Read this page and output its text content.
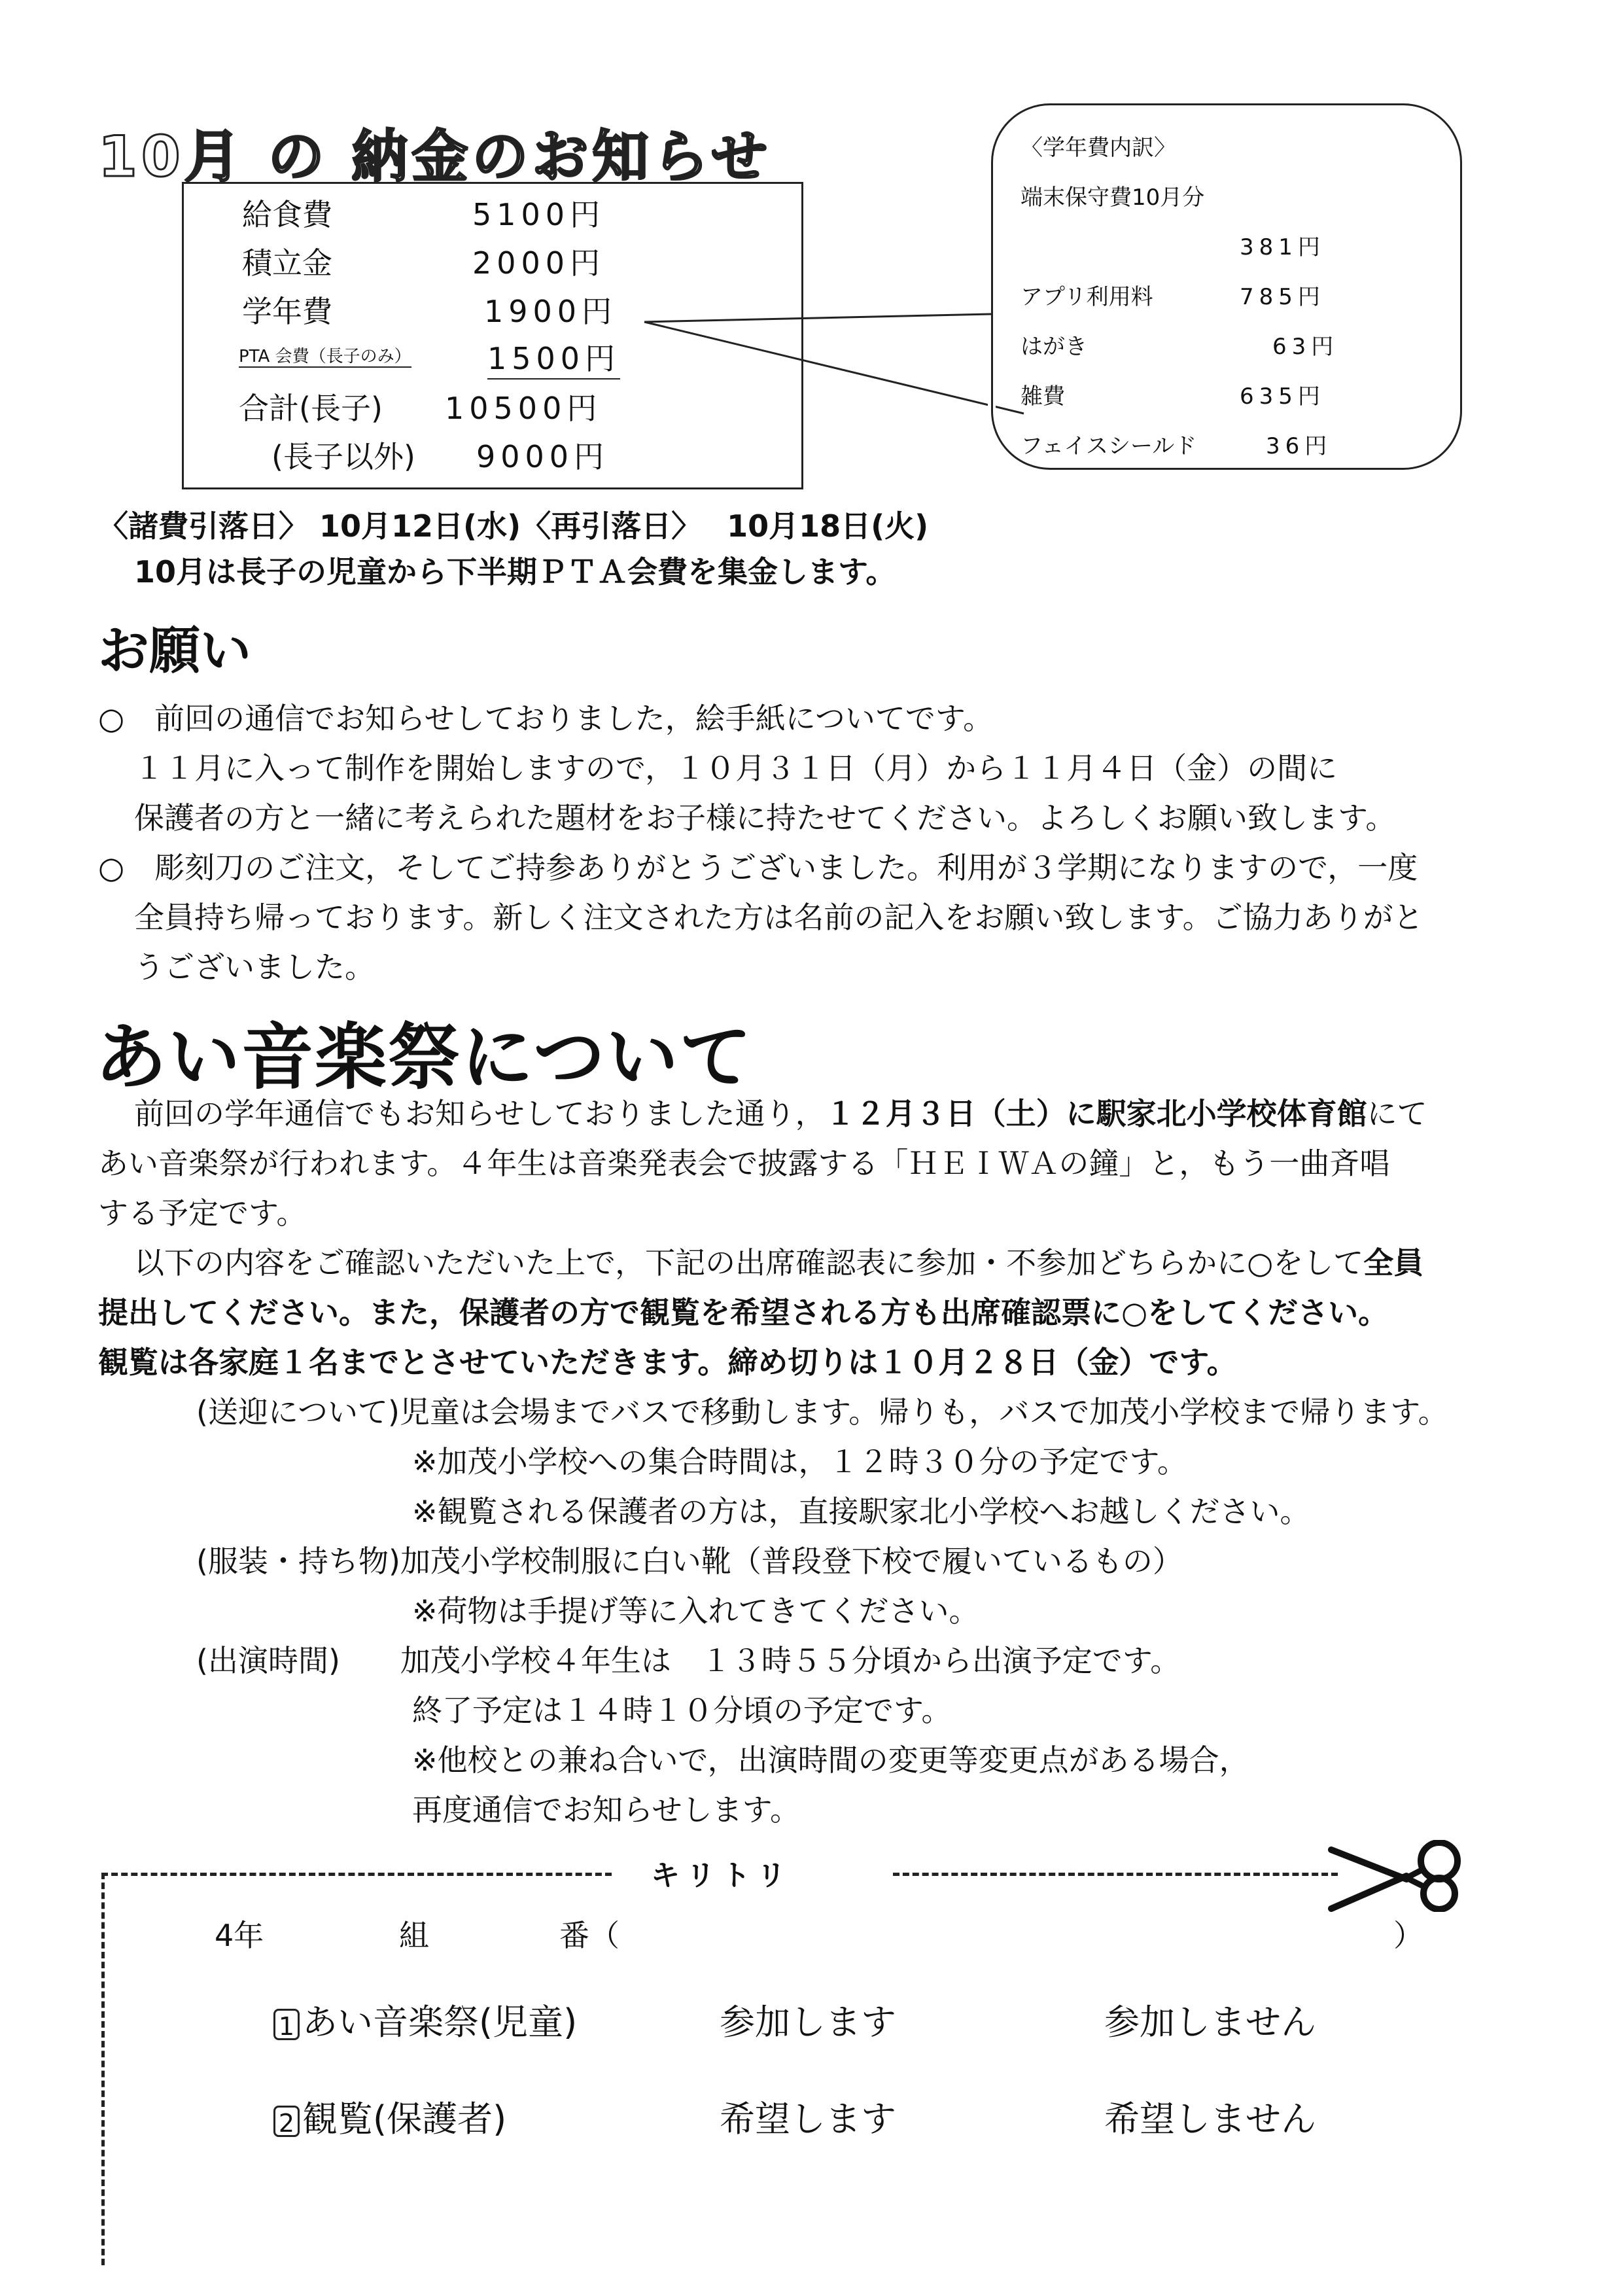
10月 の 納金のお知らせ
給食費	5100円
積立金	2000円
学年費	1900円
PTA 会費（長子のみ）	1500円
合計(長子) 10500円
(長子以外) 9000円
〈学年費内訳〉
端末保守費10月分
381円
アプリ利用料	785円
はがき	63円
雑費	635円
フェイスシールド	36円
〈諸費引落日〉 10月12日(水)〈再引落日〉　 10月18日(火)
10月は長子の児童から下半期ＰＴＡ会費を集金します。
お願い
○　前回の通信でお知らせしておりました，絵手紙についてです。
１１月に入って制作を開始しますので，１０月３１日（月）から１１月４日（金）の間に
保護者の方と一緒に考えられた題材をお子様に持たせてください。よろしくお願い致します。
○　彫刻刀のご注文，そしてご持参ありがとうございました。利用が３学期になりますので，一度
全員持ち帰っております。新しく注文された方は名前の記入をお願い致します。ご協力ありがと
うございました。
あい音楽祭について
前回の学年通信でもお知らせしておりました通り，１２月３日（土）に駅家北小学校体育館にて
あい音楽祭が行われます。４年生は音楽発表会で披露する「ＨＥＩＷＡの鐘」と，もう一曲斉唱
する予定です。
以下の内容をご確認いただいた上で，下記の出席確認表に参加・不参加どちらかに○をして全員
提出してください。また，保護者の方で観覧を希望される方も出席確認票に○をしてください。
観覧は各家庭１名までとさせていただきます。締め切りは１０月２８日（金）です。
(送迎について)児童は会場までバスで移動します。帰りも，バスで加茂小学校まで帰ります。
※加茂小学校への集合時間は，１２時３０分の予定です。
※観覧される保護者の方は，直接駅家北小学校へお越しください。
(服装・持ち物)加茂小学校制服に白い靴（普段登下校で履いているもの）
※荷物は手提げ等に入れてきてください。
(出演時間)　　加茂小学校４年生は　１３時５５分頃から出演予定です。
終了予定は１４時１０分頃の予定です。
※他校との兼ね合いで，出演時間の変更等変更点がある場合，
再度通信でお知らせします。
キリトリ
4年	組	番（	）
1 あい音楽祭(児童)	参加します	参加しません
2 観覧(保護者)	希望します	希望しません
